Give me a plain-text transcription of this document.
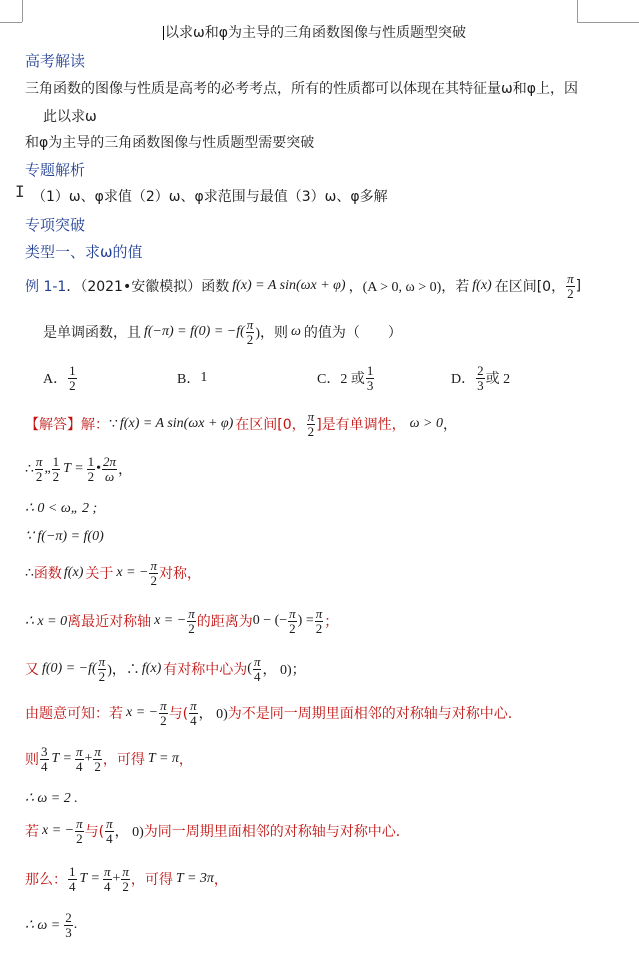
以求ω和φ为主导的三角函数图像与性质题型突破
高考解读
三角函数的图像与性质是高考的必考考点，所有的性质都可以体现在其特征量ω和φ上，因
此以求ω
和φ为主导的三角函数图像与性质题型需要突破
专题解析
I （1）ω、φ求值（2）ω、φ求范围与最值（3）ω、φ多解
专项突破
类型一、求ω的值
例 1-1 ．（2021•安徽模拟）函数 f(x) = A sin(ωx + φ) ，(A > 0, ω > 0)，若 f(x) 在区间[0， $\frac{\pi}{2}$ ]
是单调函数，且 $f(-\pi) = f(0) = -f( \frac{\pi}{2}$ )，则 ω 的值为（　　）
A． $\frac{1}{2}$	B． 1	C． 2 或 $\frac{1}{3}$	D． $\frac{2}{3}$ 或 2
【解答】 解： ∵ f(x) = A sin(ωx + φ) 在区间[0， $\frac{\pi}{2}$ ]是有单调性， ω > 0 ，
∴ $\frac{\pi}{2}$ „ $\frac{1}{2}$ $T = \frac{1}{2}$ • $\frac{2\pi}{\omega}$ ，
∴ 0 < ω„ 2 ;
∵ f(−π) = f(0)
∴ 函数 f(x) 关于 x = − $\frac{\pi}{2}$ 对称，
∴ x = 0 离最近对称轴 x = − $\frac{\pi}{2}$ 的距离为 0 − (− $\frac{\pi}{2}$ ) = $\frac{\pi}{2}$ ；
又 $f(0) = -f( \frac{\pi}{2}$ )，∴ f(x) 有对称中心为 ( $\frac{\pi}{4}$ ， 0)；
由题意可知：若 x = − $\frac{\pi}{2}$ 与( $\frac{\pi}{4}$ ， 0) 为不是同一周期里面相邻的对称轴与对称中心．
则 $\frac{3}{4}$ $T = \frac{\pi}{4} + \frac{\pi}{2}$ ，可得 T = π ，
∴ ω = 2 .
若 x = − $\frac{\pi}{2}$ 与( $\frac{\pi}{4}$ ， 0) 为同一周期里面相邻的对称轴与对称中心．
那么： $\frac{1}{4}$ $T = \frac{\pi}{4} + \frac{\pi}{2}$ ，可得 T = 3π ，
∴ $\omega = \frac{2}{3}$ .
